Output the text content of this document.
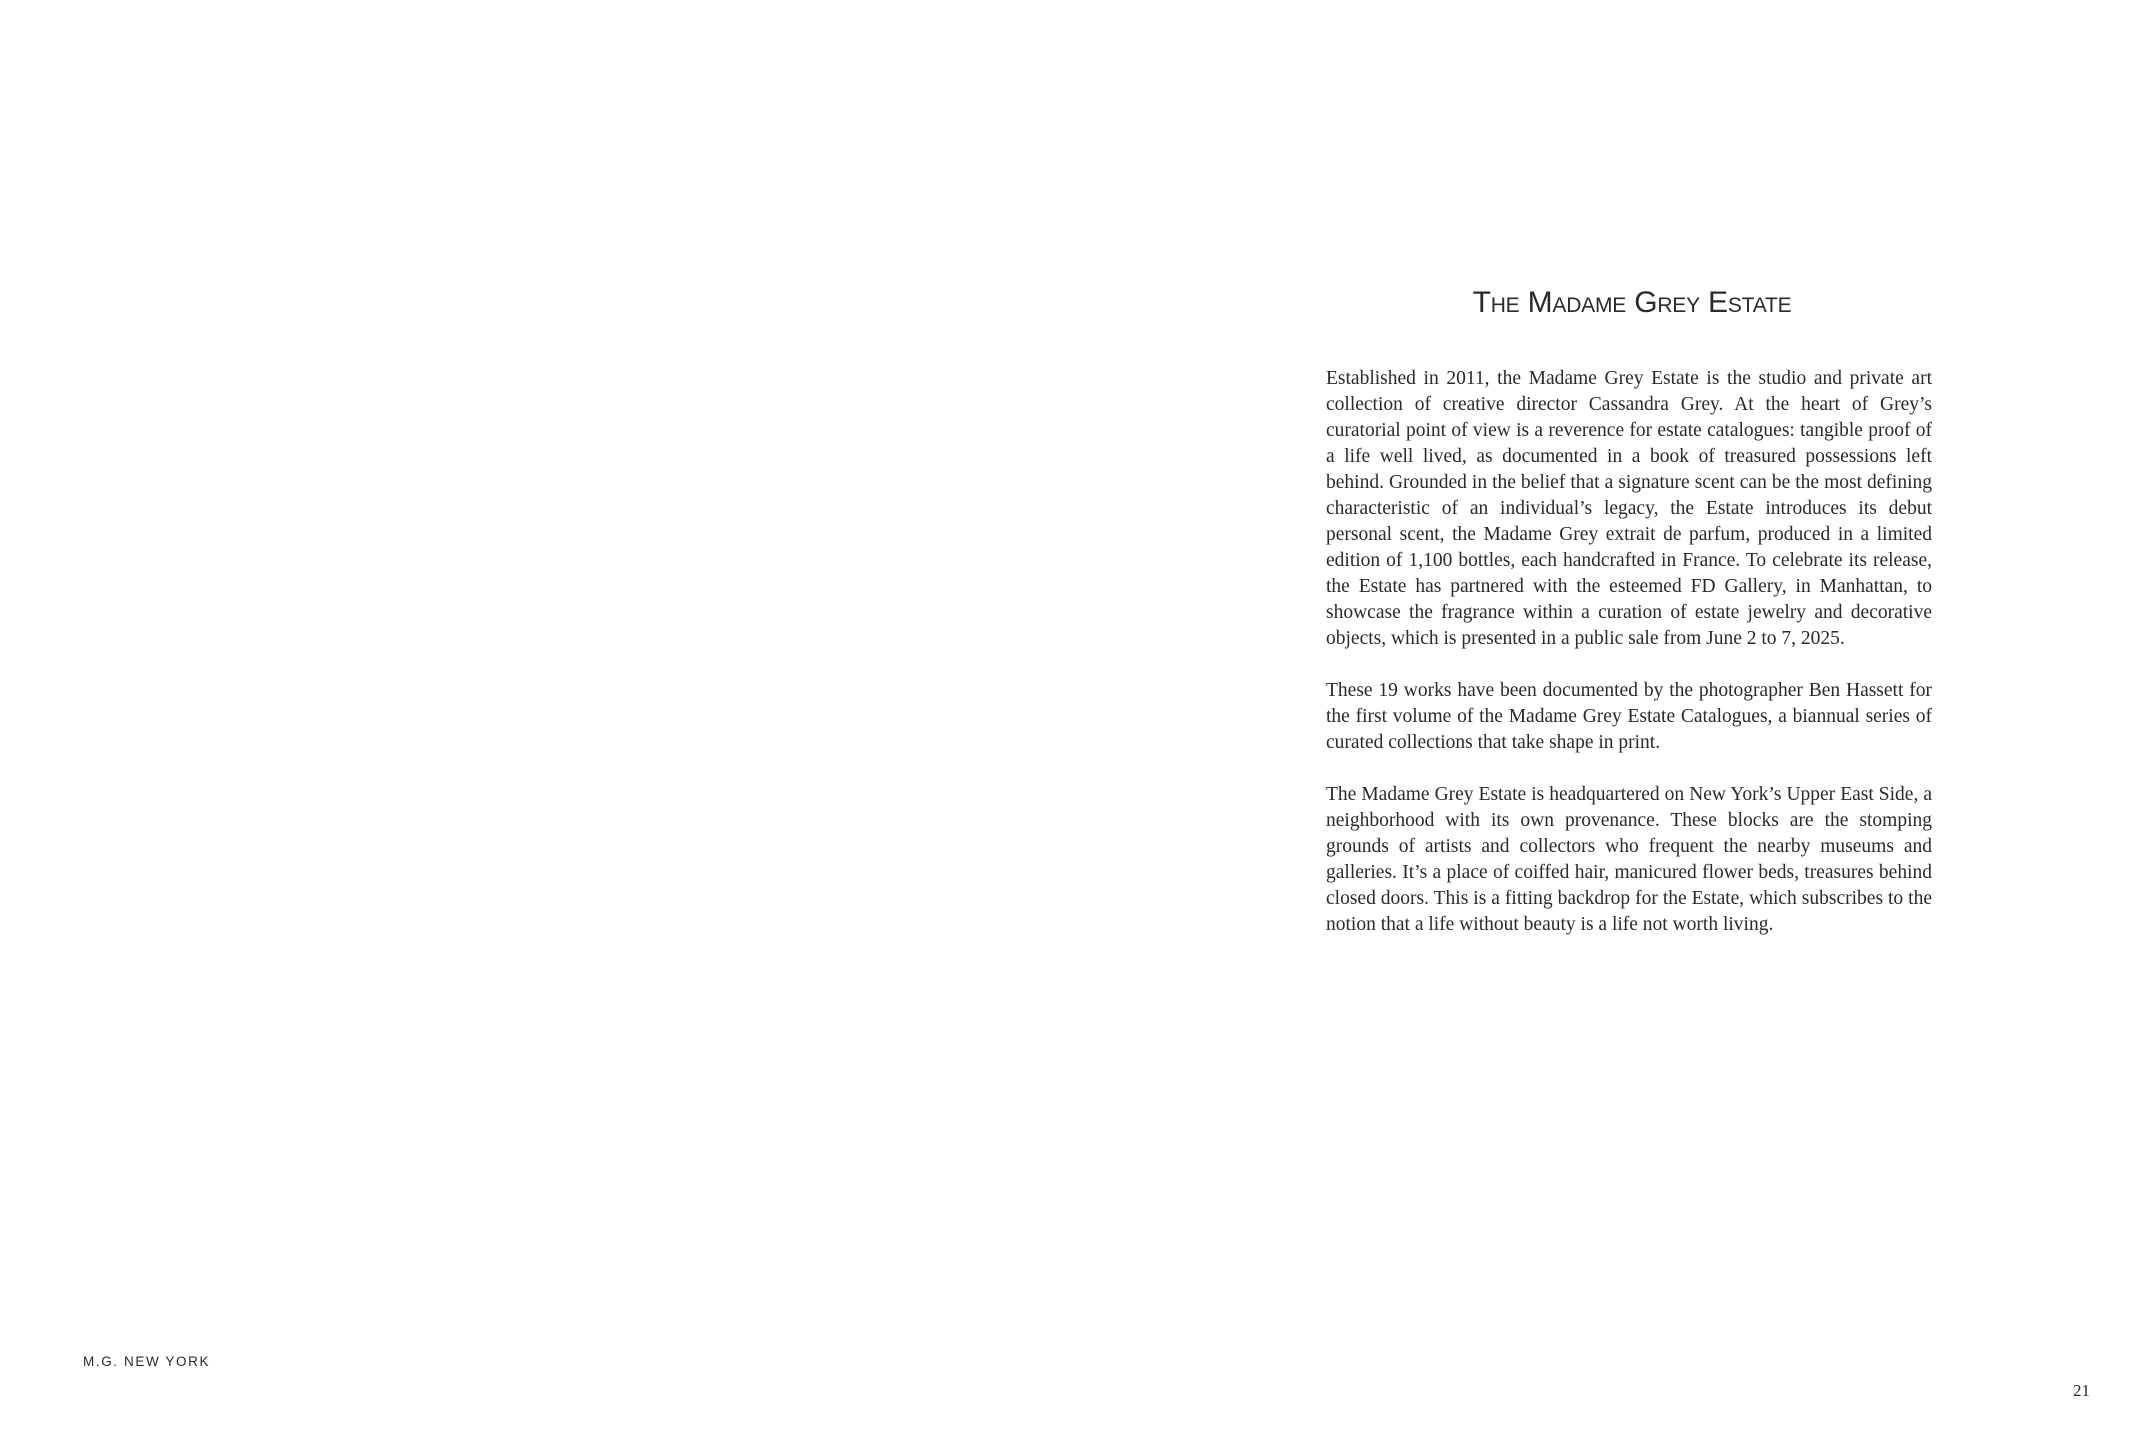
M.G. NEW YORK
The Madame Grey Estate

Established in 2011, the Madame Grey Estate is the studio and private art collection of creative director Cassandra Grey. At the heart of Grey’s curatorial point of view is a reverence for estate catalogues: tangible proof of a life well lived, as documented in a book of treasured possessions left behind. Grounded in the belief that a signature scent can be the most defining characteristic of an individual’s legacy, the Estate introduces its debut personal scent, the Madame Grey extrait de parfum, produced in a limited edition of 1,100 bottles, each handcrafted in France. To celebrate its release, the Estate has partnered with the esteemed FD Gallery, in Manhattan, to showcase the fragrance within a curation of estate jewelry and decorative objects, which is presented in a public sale from June 2 to 7, 2025.

These 19 works have been documented by the photographer Ben Hassett for the first volume of the Madame Grey Estate Catalogues, a biannual series of curated collections that take shape in print.

The Madame Grey Estate is headquartered on New York’s Upper East Side, a neighborhood with its own provenance. These blocks are the stomping grounds of artists and collectors who frequent the nearby museums and galleries. It’s a place of coiffed hair, manicured flower beds, treasures behind closed doors. This is a fitting backdrop for the Estate, which subscribes to the notion that a life without beauty is a life not worth living.

21
